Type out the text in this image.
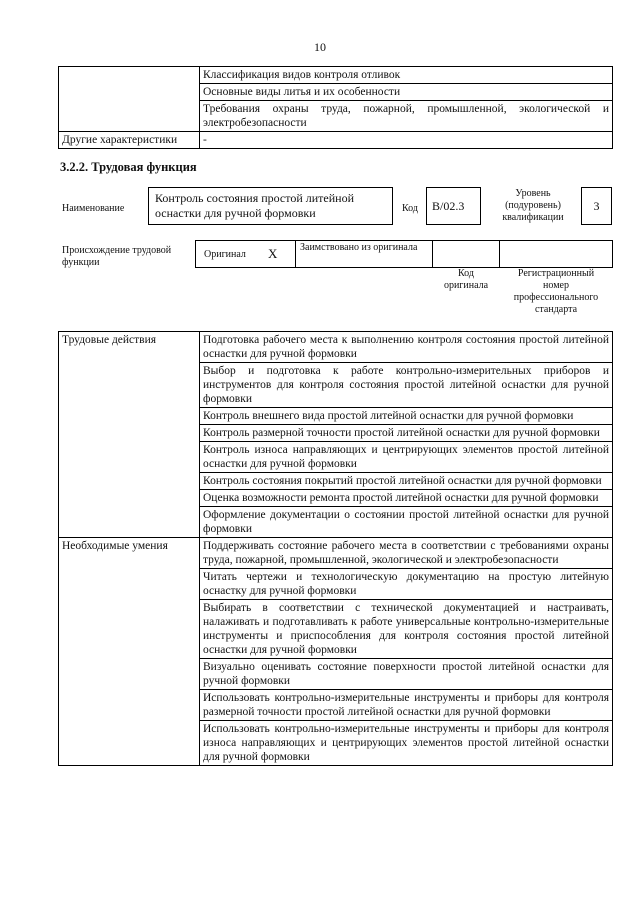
10
	Классификация видов контроля отливок
	Основные виды литья и их особенности
	Требования охраны труда, пожарной, промышленной, экологической и электробезопасности
Другие характеристики	-
3.2.2. Трудовая функция
Наименование
Контроль состояния простой литейной оснастки для ручной формовки	Код	В/02.3
Уровень (подуровень) квалификации
3
Происхождение трудовой функции
Оригинал X Заимствовано из оригинала
Код оригинала
Регистрационный номер профессионального стандарта
Трудовые действия	Подготовка рабочего места к выполнению контроля состояния простой литейной оснастки для ручной формовки
	Выбор и подготовка к работе контрольно-измерительных приборов и инструментов для контроля состояния простой литейной оснастки для ручной формовки
	Контроль внешнего вида простой литейной оснастки для ручной формовки
	Контроль размерной точности простой литейной оснастки для ручной формовки
	Контроль износа направляющих и центрирующих элементов простой литейной оснастки для ручной формовки
	Контроль состояния покрытий простой литейной оснастки для ручной формовки
	Оценка возможности ремонта простой литейной оснастки для ручной формовки
	Оформление документации о состоянии простой литейной оснастки для ручной формовки
Необходимые умения	Поддерживать состояние рабочего места в соответствии с требованиями охраны труда, пожарной, промышленной, экологической и электробезопасности
	Читать чертежи и технологическую документацию на простую литейную оснастку для ручной формовки
	Выбирать в соответствии с технической документацией и настраивать, налаживать и подготавливать к работе универсальные контрольно-измерительные инструменты и приспособления для контроля состояния простой литейной оснастки для ручной формовки
	Визуально оценивать состояние поверхности простой литейной оснастки для ручной формовки
	Использовать контрольно-измерительные инструменты и приборы для контроля размерной точности простой литейной оснастки для ручной формовки
	Использовать контрольно-измерительные инструменты и приборы для контроля износа направляющих и центрирующих элементов простой литейной оснастки для ручной формовки
